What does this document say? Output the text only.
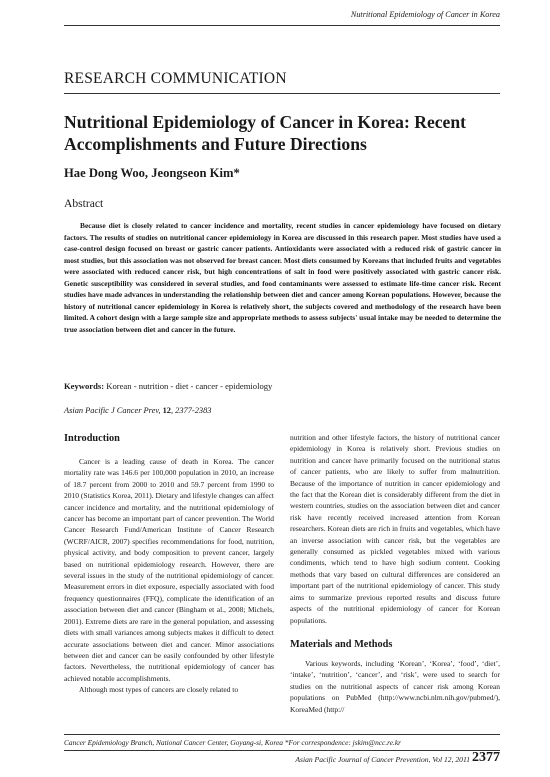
Nutritional Epidemiology of Cancer in Korea
RESEARCH COMMUNICATION
Nutritional Epidemiology of Cancer in Korea: Recent Accomplishments and Future Directions

Hae Dong Woo, Jeongseon Kim*

Abstract

Because diet is closely related to cancer incidence and mortality, recent studies in cancer epidemiology have focused on dietary factors. The results of studies on nutritional cancer epidemiology in Korea are discussed in this research paper. Most studies have used a case-control design focused on breast or gastric cancer patients. Antioxidants were associated with a reduced risk of gastric cancer in most studies, but this association was not observed for breast cancer. Most diets consumed by Koreans that included fruits and vegetables were associated with reduced cancer risk, but high concentrations of salt in food were positively associated with gastric cancer risk. Genetic susceptibility was considered in several studies, and food contaminants were assessed to estimate life-time cancer risk. Recent studies have made advances in understanding the relationship between diet and cancer among Korean populations. However, because the history of nutritional cancer epidemiology in Korea is relatively short, the subjects covered and methodology of the research have been limited. A cohort design with a large sample size and appropriate methods to assess subjects' usual intake may be needed to determine the true association between diet and cancer in the future.

Keywords: Korean - nutrition - diet - cancer - epidemiology

Asian Pacific J Cancer Prev, 12, 2377-2383

Introduction

Cancer is a leading cause of death in Korea. The cancer mortality rate was 146.6 per 100,000 population in 2010, an increase of 18.7 percent from 2000 to 2010 and 59.7 percent from 1990 to 2010 (Statistics Korea, 2011). Dietary and lifestyle changes can affect cancer incidence and mortality, and the nutritional epidemiology of cancer has become an important part of cancer prevention. The World Cancer Research Fund/American Institute of Cancer Research (WCRF/AICR, 2007) specifies recommendations for food, nutrition, physical activity, and body composition to prevent cancer, largely based on nutritional epidemiology research. However, there are several issues in the study of the nutritional epidemiology of cancer. Measurement errors in diet exposure, especially associated with food frequency questionnaires (FFQ), complicate the identification of an association between diet and cancer (Bingham et al., 2008; Michels, 2001). Extreme diets are rare in the general population, and assessing diets with small variances among subjects makes it difficult to detect accurate associations between diet and cancer. Minor associations between diet and cancer can be easily confounded by other lifestyle factors. Nevertheless, the nutritional epidemiology of cancer has achieved notable accomplishments.

Although most types of cancers are closely related to

nutrition and other lifestyle factors, the history of nutritional cancer epidemiology in Korea is relatively short. Previous studies on nutrition and cancer have primarily focused on the nutritional status of cancer patients, who are likely to suffer from malnutrition. Because of the importance of nutrition in cancer epidemiology and the fact that the Korean diet is considerably different from the diet in western countries, studies on the association between diet and cancer risk have recently received increased attention from Korean researchers. Korean diets are rich in fruits and vegetables, which have an inverse association with cancer risk, but the vegetables are generally consumed as pickled vegetables mixed with various condiments, which tend to have high sodium content. Cooking methods that vary based on cultural differences are considered an important part of the nutritional epidemiology of cancer. This study aims to summarize previous reported results and discuss future aspects of the nutritional epidemiology of cancer for Korean populations.

Materials and Methods

Various keywords, including ‘Korean’, ‘Korea’, ‘food’, ‘diet’, ‘intake’, ‘nutrition’, ‘cancer’, and ‘risk’, were used to search for studies on the nutritional aspects of cancer risk among Korean populations on PubMed (http://www.ncbi.nlm.nih.gov/pubmed/), KoreaMed (http://

Cancer Epidemiology Branch, National Cancer Center, Goyang-si, Korea *For correspondence: jskim@ncc.re.kr
Asian Pacific Journal of Cancer Prevention, Vol 12, 2011 2377
